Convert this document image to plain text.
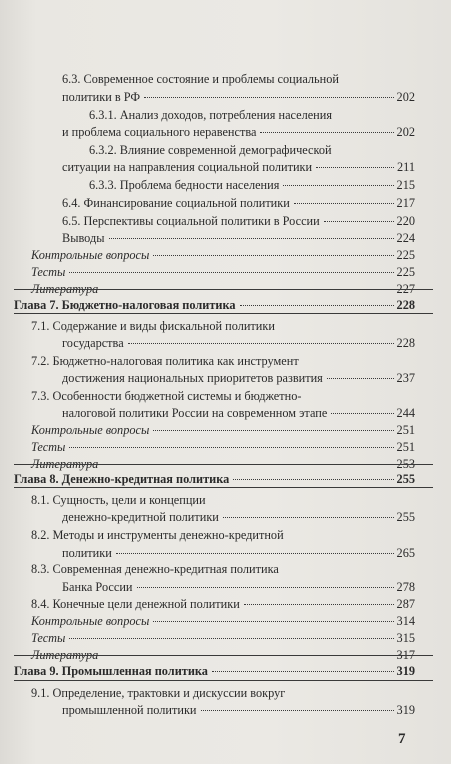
6.3. Современное состояние и проблемы социальной
политики в РФ	202
6.3.1. Анализ доходов, потребления населения
и проблема социального неравенства	202
6.3.2. Влияние современной демографической
ситуации на направления социальной политики	211
6.3.3. Проблема бедности населения	215
6.4. Финансирование социальной политики	217
6.5. Перспективы социальной политики в России	220
Выводы	224
Контрольные вопросы	225
Тесты	225
Литература	227
Глава 7. Бюджетно-налоговая политика	228
7.1. Содержание и виды фискальной политики
государства	228
7.2. Бюджетно-налоговая политика как инструмент
достижения национальных приоритетов развития	237
7.3. Особенности бюджетной системы и бюджетно-
налоговой политики России на современном этапе	244
Контрольные вопросы	251
Тесты	251
Литература	253
Глава 8. Денежно-кредитная политика	255
8.1. Сущность, цели и концепции
денежно-кредитной политики	255
8.2. Методы и инструменты денежно-кредитной
политики	265
8.3. Современная денежно-кредитная политика
Банка России	278
8.4. Конечные цели денежной политики	287
Контрольные вопросы	314
Тесты	315
Литература	317
Глава 9. Промышленная политика	319
9.1. Определение, трактовки и дискуссии вокруг
промышленной политики	319
7
